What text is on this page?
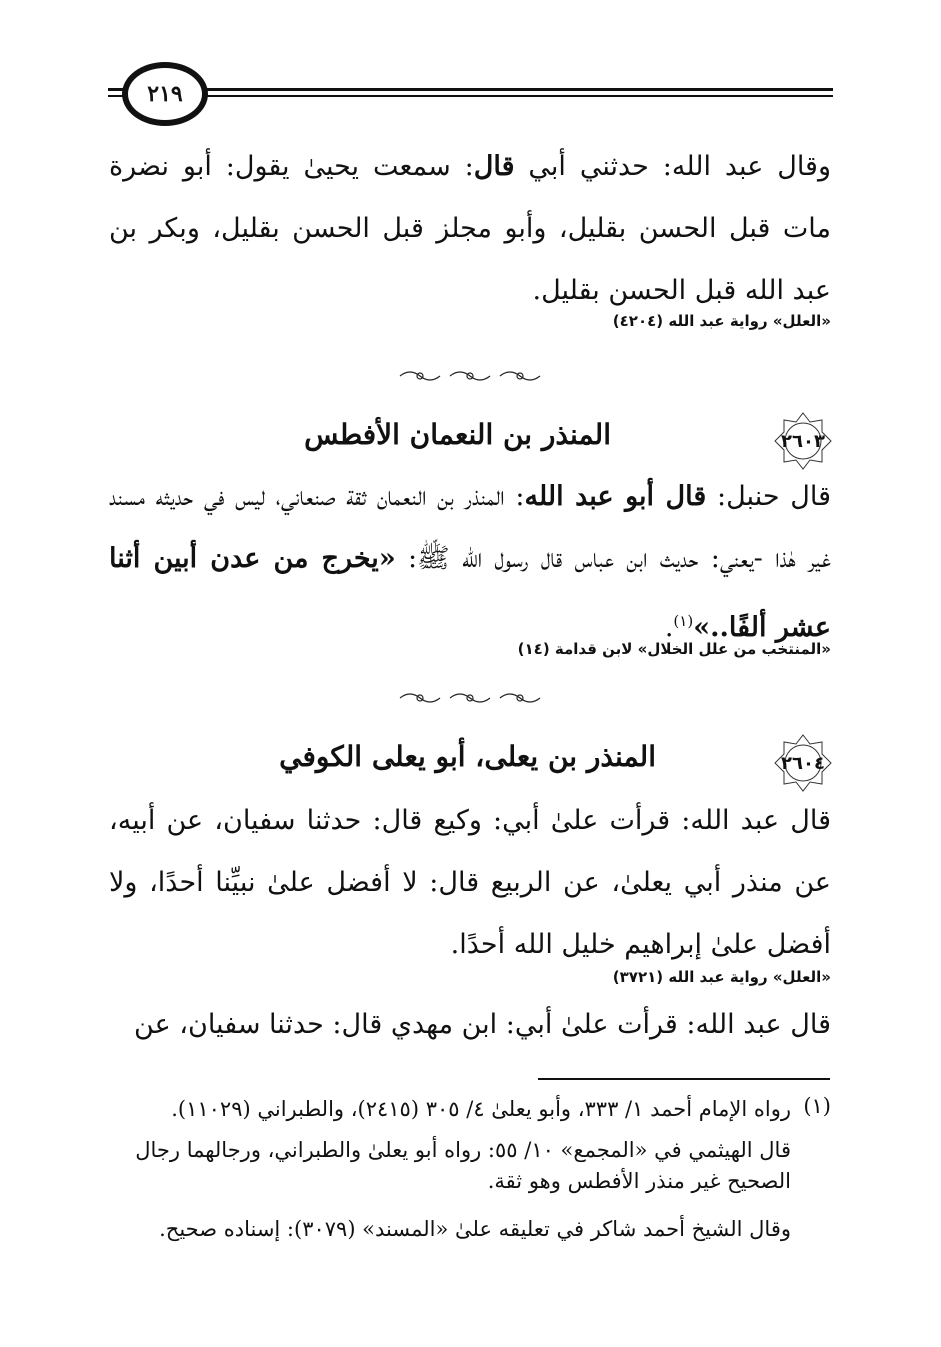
٢١٩
وقال عبد الله: حدثني أبي قال: سمعت يحيىٰ يقول: أبو نضرة مات قبل الحسن بقليل، وأبو مجلز قبل الحسن بقليل، وبكر بن عبد الله قبل الحسن بقليل.
«العلل» رواية عبد الله (٤٢٠٤)
٢٦٠٣
المنذر بن النعمان الأفطس
قال حنبل: قال أبو عبد الله: المنذر بن النعمان ثقة صنعاني، ليس في حديثه مسند غير هٰذا -يعني: حديث ابن عباس قال رسول الله ﷺ: «يخرج من عدن أبين أثنا عشر ألفًا..»$^{(١)}$.
«المنتخب من علل الخلال» لابن قدامة (١٤)
٢٦٠٤
المنذر بن يعلى، أبو يعلى الكوفي
قال عبد الله: قرأت علىٰ أبي: وكيع قال: حدثنا سفيان، عن أبيه، عن منذر أبي يعلىٰ، عن الربيع قال: لا أفضل علىٰ نبيِّنا أحدًا، ولا أفضل علىٰ إبراهيم خليل الله أحدًا.
«العلل» رواية عبد الله (٣٧٢١)
قال عبد الله: قرأت علىٰ أبي: ابن مهدي قال: حدثنا سفيان، عن
(١)
رواه الإمام أحمد ١/ ٣٣٣، وأبو يعلىٰ ٤/ ٣٠٥ (٢٤١٥)، والطبراني (١١٠٢٩).
قال الهيثمي في «المجمع» ١٠/ ٥٥: رواه أبو يعلىٰ والطبراني، ورجالهما رجال الصحيح غير منذر الأفطس وهو ثقة.
وقال الشيخ أحمد شاكر في تعليقه علىٰ «المسند» (٣٠٧٩): إسناده صحيح.
